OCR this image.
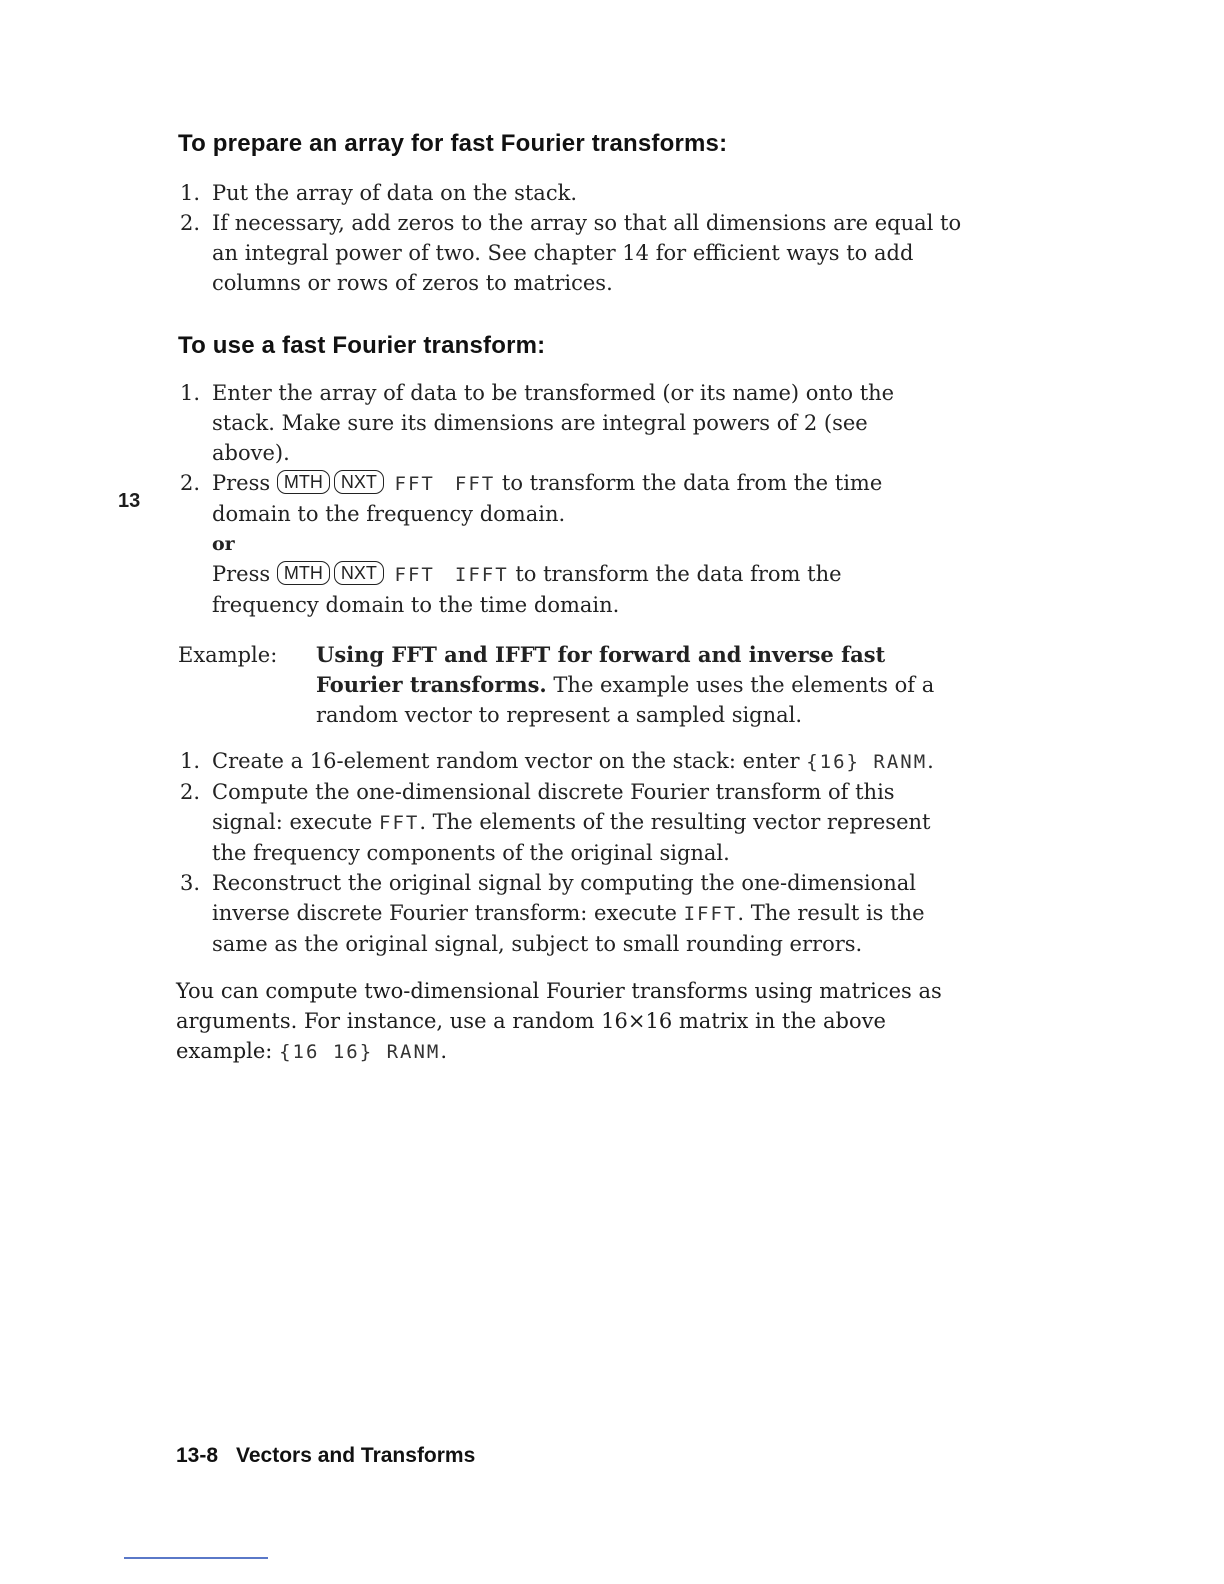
To prepare an array for fast Fourier transforms:

1. Put the array of data on the stack.

2. If necessary, add zeros to the array so that all dimensions are equal to an integral power of two. See chapter 14 for efficient ways to add columns or rows of zeros to matrices.

To use a fast Fourier transform:

1. Enter the array of data to be transformed (or its name) onto the stack. Make sure its dimensions are integral powers of 2 (see above).

2. Press MTH NXT FFT FFT to transform the data from the time domain to the frequency domain.
or
Press MTH NXT FFT IFFT to transform the data from the frequency domain to the time domain.
13
Example: Using FFT and IFFT for forward and inverse fast Fourier transforms. The example uses the elements of a random vector to represent a sampled signal.

1. Create a 16-element random vector on the stack: enter {16} RANM.

2. Compute the one-dimensional discrete Fourier transform of this signal: execute FFT. The elements of the resulting vector represent the frequency components of the original signal.

3. Reconstruct the original signal by computing the one-dimensional inverse discrete Fourier transform: execute IFFT. The result is the same as the original signal, subject to small rounding errors.

You can compute two-dimensional Fourier transforms using matrices as arguments. For instance, use a random 16×16 matrix in the above example: {16 16} RANM.
13-8 Vectors and Transforms
